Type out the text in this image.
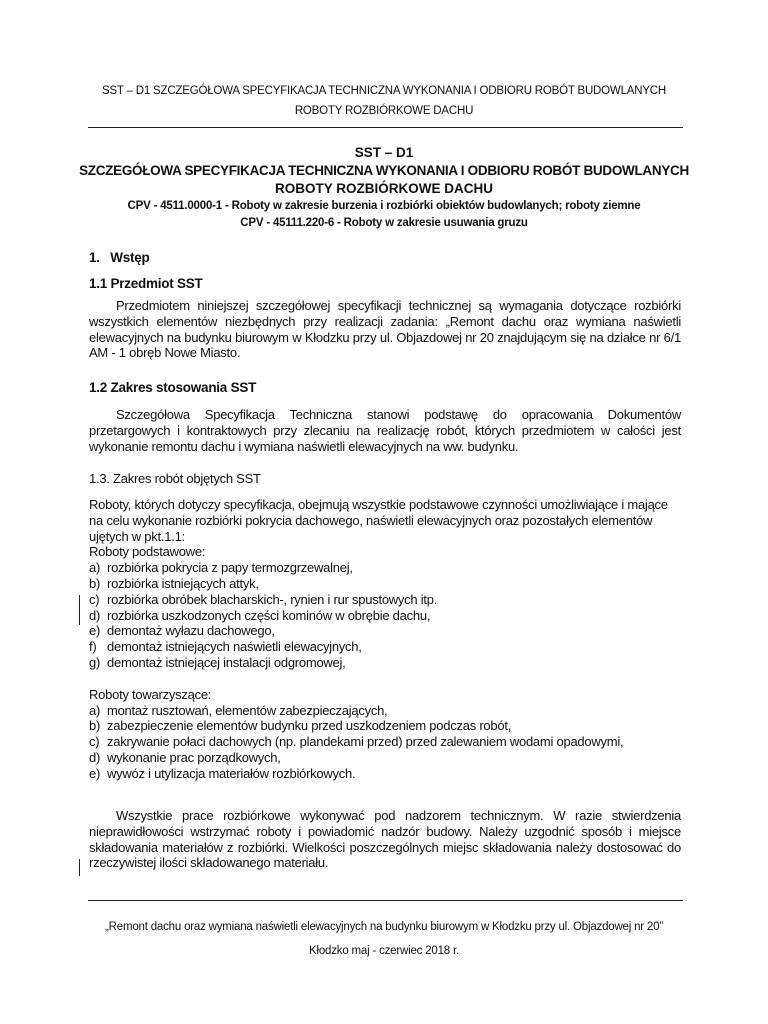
SST – D1 SZCZEGÓŁOWA SPECYFIKACJA TECHNICZNA WYKONANIA I ODBIORU ROBÓT BUDOWLANYCH
ROBOTY ROZBIÓRKOWE DACHU
SST – D1
SZCZEGÓŁOWA SPECYFIKACJA TECHNICZNA WYKONANIA I ODBIORU ROBÓT BUDOWLANYCH
ROBOTY ROZBIÓRKOWE DACHU
CPV - 4511.0000-1 - Roboty w zakresie burzenia i rozbiórki obiektów budowlanych; roboty ziemne
CPV - 45111.220-6 - Roboty w zakresie usuwania gruzu
1. Wstęp
1.1 Przedmiot SST
Przedmiotem niniejszej szczegółowej specyfikacji technicznej są wymagania dotyczące rozbiórki wszystkich elementów niezbędnych przy realizacji zadania: „Remont dachu oraz wymiana naświetli elewacyjnych na budynku biurowym w Kłodzku przy ul. Objazdowej nr 20 znajdującym się na działce nr 6/1 AM - 1 obręb Nowe Miasto.
1.2 Zakres stosowania SST
Szczegółowa Specyfikacja Techniczna stanowi podstawę do opracowania Dokumentów przetargowych i kontraktowych przy zlecaniu na realizację robót, których przedmiotem w całości jest wykonanie remontu dachu i wymiana naświetli elewacyjnych na ww. budynku.
1.3. Zakres robót objętych SST
Roboty, których dotyczy specyfikacja, obejmują wszystkie podstawowe czynności umożliwiające i mające
na celu wykonanie rozbiórki pokrycia dachowego, naświetli elewacyjnych oraz pozostałych elementów
ujętych w pkt.1.1:
Roboty podstawowe:
a) rozbiórka pokrycia z papy termozgrzewalnej,
b) rozbiórka istniejących attyk,
c) rozbiórka obróbek blacharskich-, rynien i rur spustowych itp.
d) rozbiórka uszkodzonych części kominów w obrębie dachu,
e) demontaż wyłazu dachowego,
f) demontaż istniejących naświetli elewacyjnych,
g) demontaż istniejącej instalacji odgromowej,
Roboty towarzyszące:
a) montaż rusztowań, elementów zabezpieczających,
b) zabezpieczenie elementów budynku przed uszkodzeniem podczas robót,
c) zakrywanie połaci dachowych (np. plandekami przed) przed zalewaniem wodami opadowymi,
d) wykonanie prac porządkowych,
e) wywóz i utylizacja materiałów rozbiórkowych.
Wszystkie prace rozbiórkowe wykonywać pod nadzorem technicznym. W razie stwierdzenia nieprawidłowości wstrzymać roboty i powiadomić nadzór budowy. Należy uzgodnić sposób i miejsce składowania materiałów z rozbiórki. Wielkości poszczególnych miejsc składowania należy dostosować do rzeczywistej ilości składowanego materiału.
„Remont dachu oraz wymiana naświetli elewacyjnych na budynku biurowym w Kłodzku przy ul. Objazdowej nr 20”
Kłodzko maj - czerwiec 2018 r.
